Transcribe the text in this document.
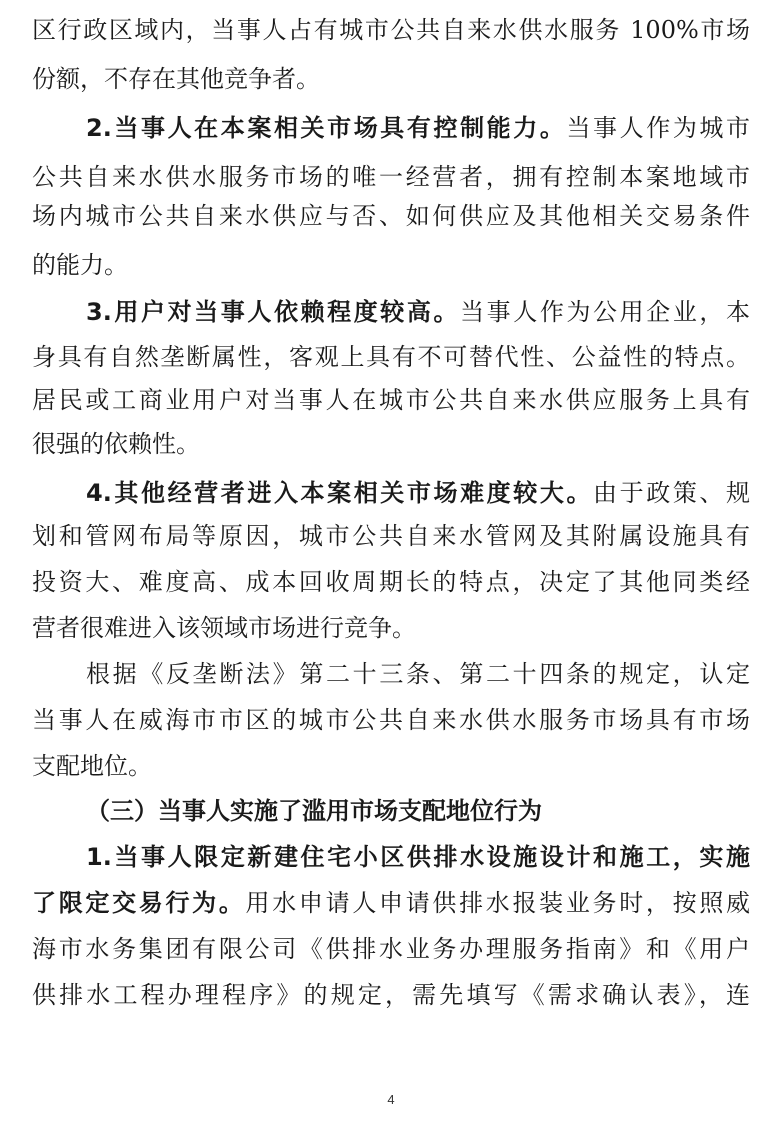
区行政区域内，当事人占有城市公共自来水供水服务 100%市场
份额，不存在其他竞争者。
2.当事人在本案相关市场具有控制能力。当事人作为城市
公共自来水供水服务市场的唯一经营者，拥有控制本案地域市
场内城市公共自来水供应与否、如何供应及其他相关交易条件
的能力。
3.用户对当事人依赖程度较高。当事人作为公用企业，本
身具有自然垄断属性，客观上具有不可替代性、公益性的特点。
居民或工商业用户对当事人在城市公共自来水供应服务上具有
很强的依赖性。
4.其他经营者进入本案相关市场难度较大。由于政策、规
划和管网布局等原因，城市公共自来水管网及其附属设施具有
投资大、难度高、成本回收周期长的特点，决定了其他同类经
营者很难进入该领域市场进行竞争。
根据《反垄断法》第二十三条、第二十四条的规定，认定
当事人在威海市市区的城市公共自来水供水服务市场具有市场
支配地位。
（三）当事人实施了滥用市场支配地位行为
1.当事人限定新建住宅小区供排水设施设计和施工，实施
了限定交易行为。用水申请人申请供排水报装业务时，按照威
海市水务集团有限公司《供排水业务办理服务指南》和《用户
供排水工程办理程序》的规定，需先填写《需求确认表》，连
4
